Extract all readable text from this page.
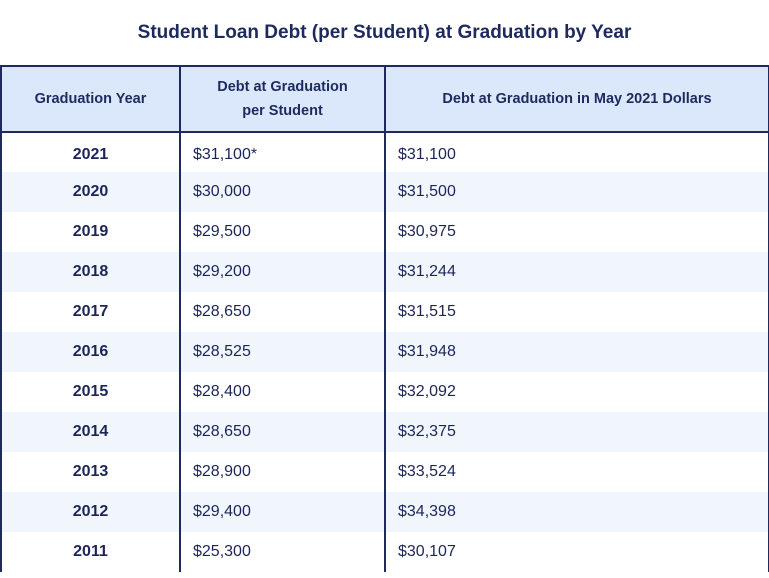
Student Loan Debt (per Student) at Graduation by Year
Graduation Year	Debt at Graduation per Student	Debt at Graduation in May 2021 Dollars
2021	$31,100*	$31,100
2020	$30,000	$31,500
2019	$29,500	$30,975
2018	$29,200	$31,244
2017	$28,650	$31,515
2016	$28,525	$31,948
2015	$28,400	$32,092
2014	$28,650	$32,375
2013	$28,900	$33,524
2012	$29,400	$34,398
2011	$25,300	$30,107
